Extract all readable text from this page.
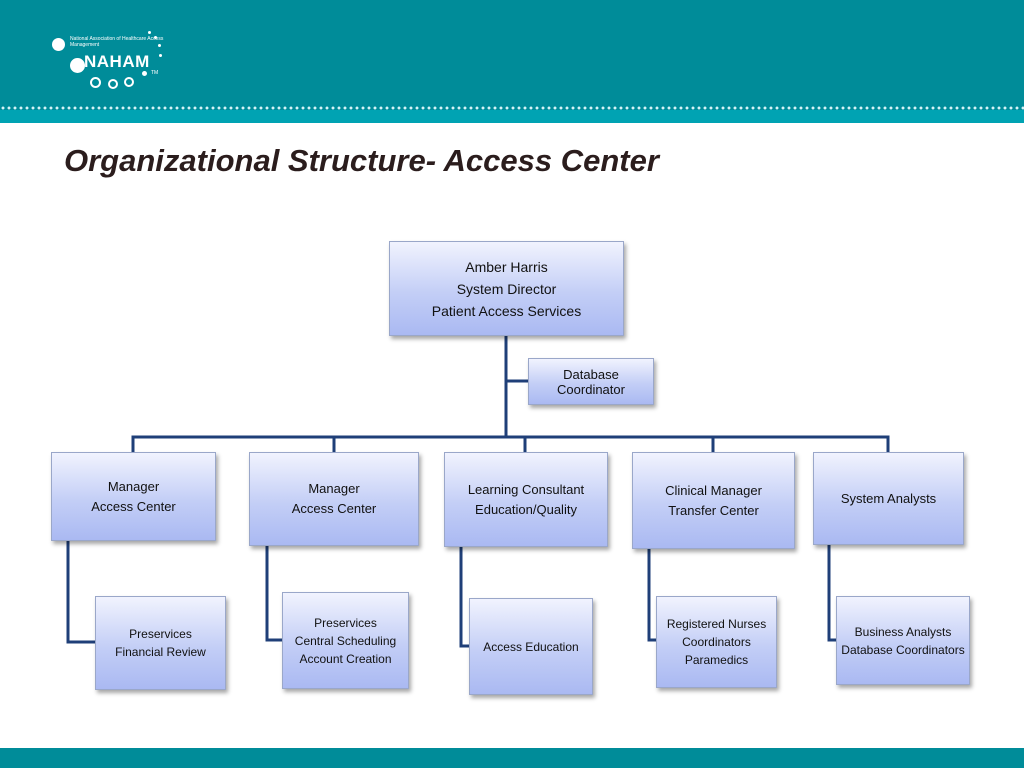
National Association of Healthcare Access Management
NAHAM
TM
Organizational Structure- Access Center
Amber Harris
System Director
Patient Access Services
Database
Coordinator
Manager
Access Center
Manager
Access Center
Learning Consultant
Education/Quality
Clinical Manager
Transfer Center
System Analysts
Preservices
Financial Review
Preservices
Central Scheduling
Account Creation
Access Education
Registered Nurses
Coordinators
Paramedics
Business Analysts
Database Coordinators
